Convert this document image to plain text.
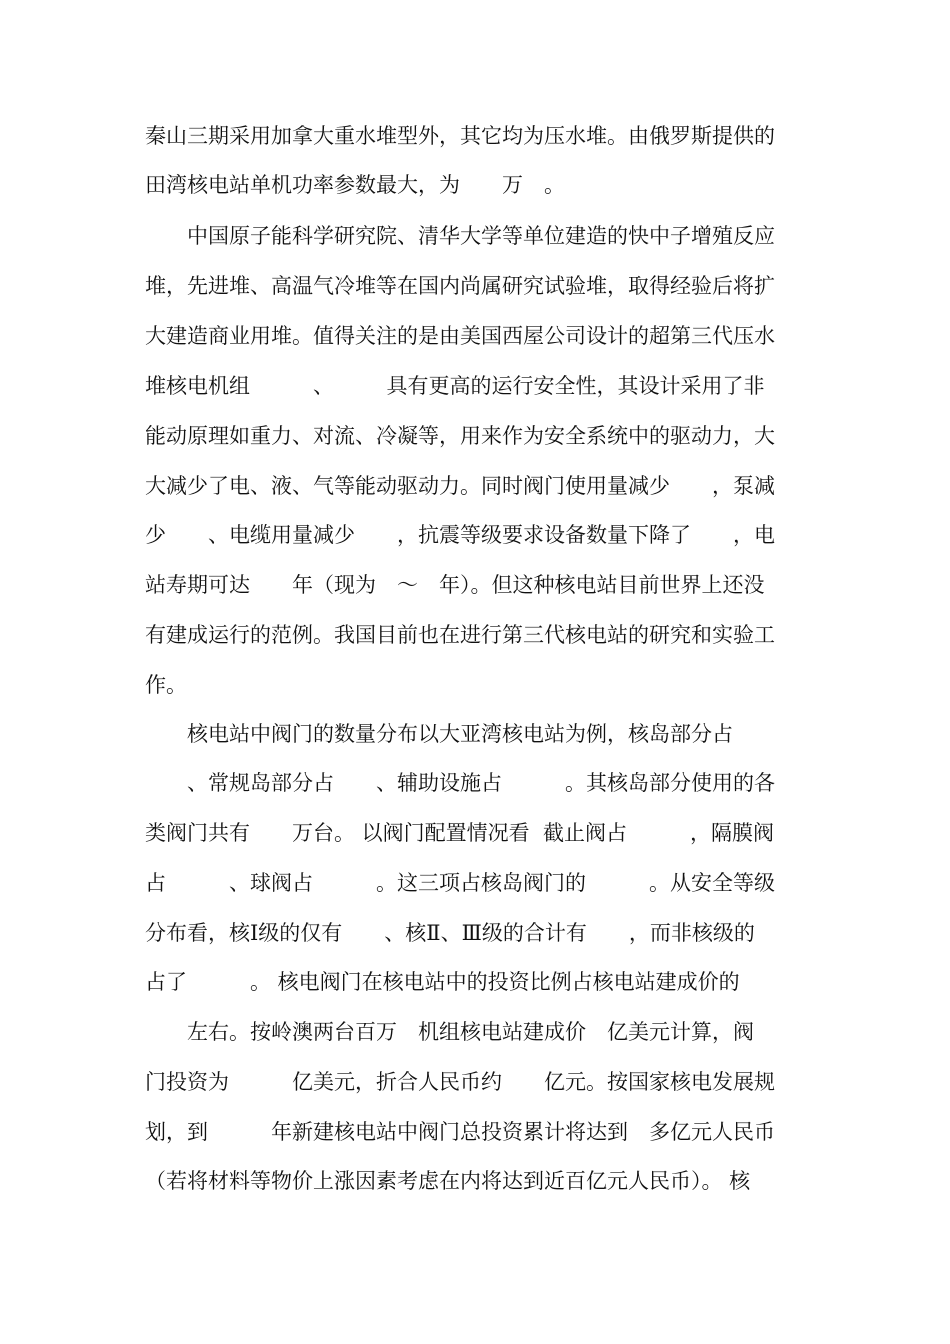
秦山三期采用加拿大重水堆型外，其它均为压水堆。由俄罗斯提供的
田湾核电站单机功率参数最大，为　　万　。
　　中国原子能科学研究院、清华大学等单位建造的快中子增殖反应
堆，先进堆、高温气冷堆等在国内尚属研究试验堆，取得经验后将扩
大建造商业用堆。值得关注的是由美国西屋公司设计的超第三代压水
堆核电机组　　　、　　　具有更高的运行安全性，其设计采用了非
能动原理如重力、对流、冷凝等，用来作为安全系统中的驱动力，大
大减少了电、液、气等能动驱动力。同时阀门使用量减少　　，泵减
少　　、电缆用量减少　　，抗震等级要求设备数量下降了　　，电
站寿期可达　　年（现为　～　年）。但这种核电站目前世界上还没
有建成运行的范例。我国目前也在进行第三代核电站的研究和实验工
作。
　　核电站中阀门的数量分布以大亚湾核电站为例，核岛部分占
　　、常规岛部分占　　、辅助设施占　　　。其核岛部分使用的各
类阀门共有　　万台。 以阀门配置情况看  截止阀占　　　，隔膜阀
占　　　、球阀占　　　。这三项占核岛阀门的　　　。从安全等级
分布看，核Ⅰ级的仅有　　、核Ⅱ、Ⅲ级的合计有　　，而非核级的
占了　　　。 核电阀门在核电站中的投资比例占核电站建成价的
　　左右。按岭澳两台百万　机组核电站建成价　亿美元计算，阀
门投资为　　　亿美元，折合人民币约　　亿元。按国家核电发展规
划，到　　　年新建核电站中阀门总投资累计将达到　多亿元人民币
（若将材料等物价上涨因素考虑在内将达到近百亿元人民币）。 核
